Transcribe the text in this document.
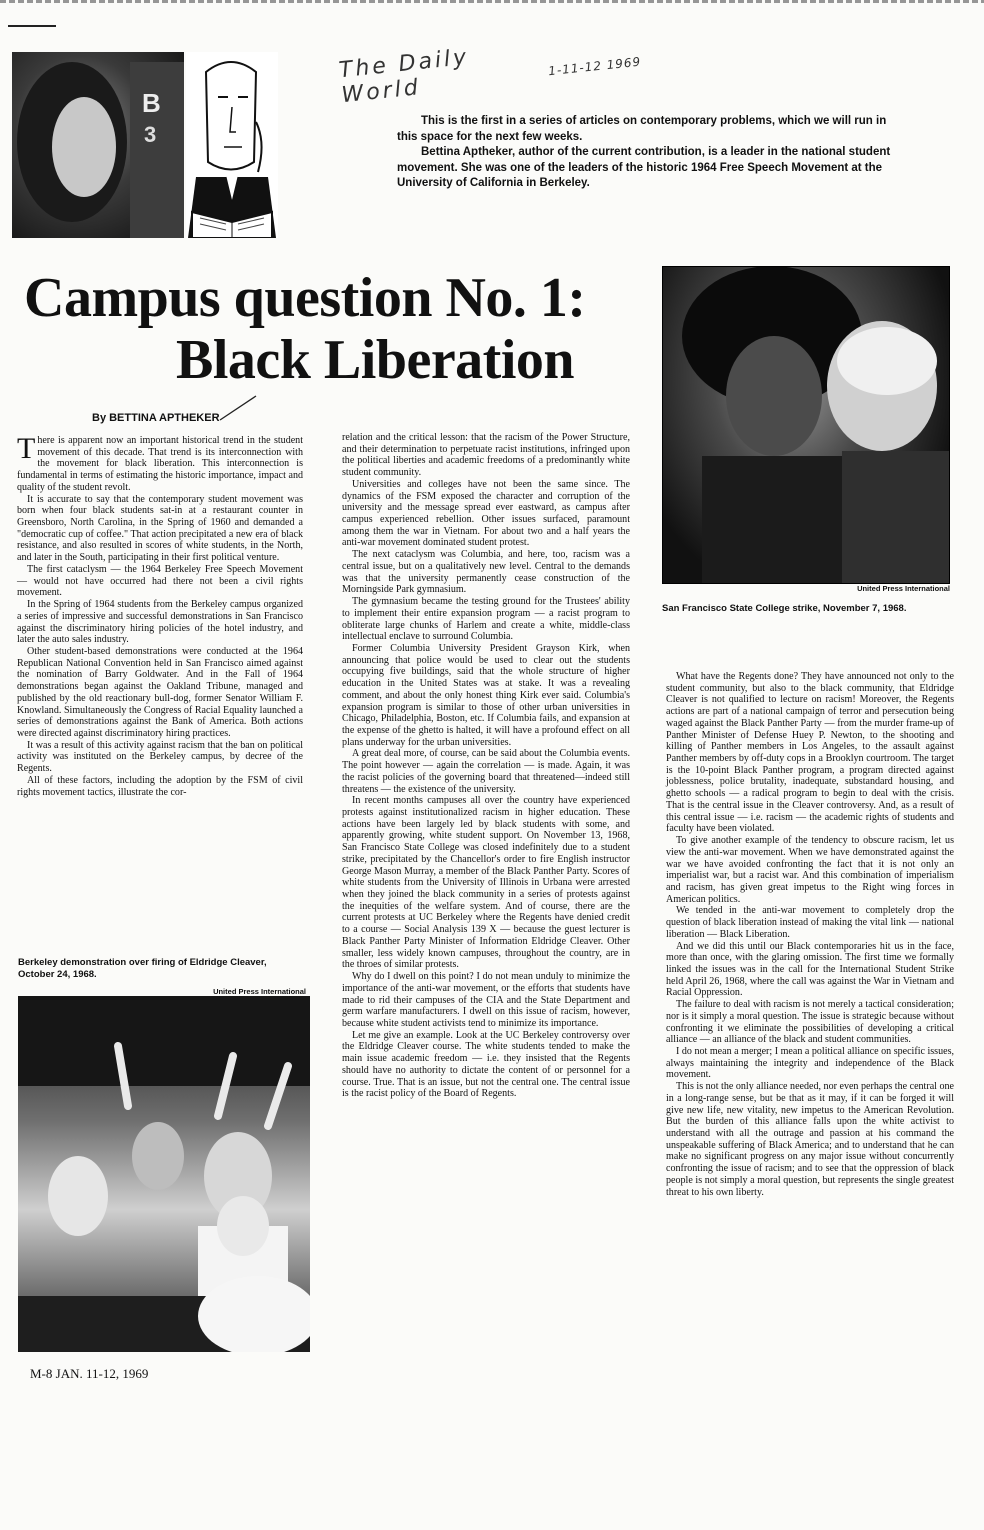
B
3
The Daily World
1-11-12 1969

This is the first in a series of articles on contemporary problems, which we will run in this space for the next few weeks.

Bettina Aptheker, author of the current contribution, is a leader in the national student movement. She was one of the leaders of the historic 1964 Free Speech Movement at the University of California in Berkeley.

Campus question No. 1:
Black Liberation
By BETTINA APTHEKER
United Press International
San Francisco State College strike, November 7, 1968.

There is apparent now an important historical trend in the student movement of this decade. That trend is its interconnection with the movement for black liberation. This interconnection is fundamental in terms of estimating the historic importance, impact and quality of the student revolt.

It is accurate to say that the contemporary student movement was born when four black students sat-in at a restaurant counter in Greensboro, North Carolina, in the Spring of 1960 and demanded a "democratic cup of coffee." That action precipitated a new era of black resistance, and also resulted in scores of white students, in the North, and later in the South, participating in their first political venture.

The first cataclysm — the 1964 Berkeley Free Speech Movement — would not have occurred had there not been a civil rights movement.

In the Spring of 1964 students from the Berkeley campus organized a series of impressive and successful demonstrations in San Francisco against the discriminatory hiring policies of the hotel industry, and later the auto sales industry.

Other student-based demonstrations were conducted at the 1964 Republican National Convention held in San Francisco aimed against the nomination of Barry Goldwater. And in the Fall of 1964 demonstrations began against the Oakland Tribune, managed and published by the old reactionary bull-dog, former Senator William F. Knowland. Simultaneously the Congress of Racial Equality launched a series of demonstrations against the Bank of America. Both actions were directed against discriminatory hiring practices.

It was a result of this activity against racism that the ban on political activity was instituted on the Berkeley campus, by decree of the Regents.

All of these factors, including the adoption by the FSM of civil rights movement tactics, illustrate the cor-

Berkeley demonstration over firing of Eldridge Cleaver, October 24, 1968.
United Press International

relation and the critical lesson: that the racism of the Power Structure, and their determination to perpetuate racist institutions, infringed upon the political liberties and academic freedoms of a predominantly white student community.

Universities and colleges have not been the same since. The dynamics of the FSM exposed the character and corruption of the university and the message spread ever eastward, as campus after campus experienced rebellion. Other issues surfaced, paramount among them the war in Vietnam. For about two and a half years the anti-war movement dominated student protest.

The next cataclysm was Columbia, and here, too, racism was a central issue, but on a qualitatively new level. Central to the demands was that the university permanently cease construction of the Morningside Park gymnasium.

The gymnasium became the testing ground for the Trustees' ability to implement their entire expansion program — a racist program to obliterate large chunks of Harlem and create a white, middle-class intellectual enclave to surround Columbia.

Former Columbia University President Grayson Kirk, when announcing that police would be used to clear out the students occupying five buildings, said that the whole structure of higher education in the United States was at stake. It was a revealing comment, and about the only honest thing Kirk ever said. Columbia's expansion program is similar to those of other urban universities in Chicago, Philadelphia, Boston, etc. If Columbia fails, and expansion at the expense of the ghetto is halted, it will have a profound effect on all plans underway for the urban universities.

A great deal more, of course, can be said about the Columbia events. The point however — again the correlation — is made. Again, it was the racist policies of the governing board that threatened—indeed still threatens — the existence of the university.

In recent months campuses all over the country have experienced protests against institutionalized racism in higher education. These actions have been largely led by black students with some, and apparently growing, white student support. On November 13, 1968, San Francisco State College was closed indefinitely due to a student strike, precipitated by the Chancellor's order to fire English instructor George Mason Murray, a member of the Black Panther Party. Scores of white students from the University of Illinois in Urbana were arrested when they joined the black community in a series of protests against the inequities of the welfare system. And of course, there are the current protests at UC Berkeley where the Regents have denied credit to a course — Social Analysis 139 X — because the guest lecturer is Black Panther Party Minister of Information Eldridge Cleaver. Other smaller, less widely known campuses, throughout the country, are in the throes of similar protests.

Why do I dwell on this point? I do not mean unduly to minimize the importance of the anti-war movement, or the efforts that students have made to rid their campuses of the CIA and the State Department and germ warfare manufacturers. I dwell on this issue of racism, however, because white student activists tend to minimize its importance.

Let me give an example. Look at the UC Berkeley controversy over the Eldridge Cleaver course. The white students tended to make the main issue academic freedom — i.e. they insisted that the Regents should have no authority to dictate the content of or personnel for a course. True. That is an issue, but not the central one. The central issue is the racist policy of the Board of Regents.

What have the Regents done? They have announced not only to the student community, but also to the black community, that Eldridge Cleaver is not qualified to lecture on racism! Moreover, the Regents actions are part of a national campaign of terror and persecution being waged against the Black Panther Party — from the murder frame-up of Panther Minister of Defense Huey P. Newton, to the shooting and killing of Panther members in Los Angeles, to the assault against Panther members by off-duty cops in a Brooklyn courtroom. The target is the 10-point Black Panther program, a program directed against joblessness, police brutality, inadequate, substandard housing, and ghetto schools — a radical program to begin to deal with the crisis. That is the central issue in the Cleaver controversy. And, as a result of this central issue — i.e. racism — the academic rights of students and faculty have been violated.

To give another example of the tendency to obscure racism, let us view the anti-war movement. When we have demonstrated against the war we have avoided confronting the fact that it is not only an imperialist war, but a racist war. And this combination of imperialism and racism, has given great impetus to the Right wing forces in American politics.

We tended in the anti-war movement to completely drop the question of black liberation instead of making the vital link — national liberation — Black Liberation.

And we did this until our Black contemporaries hit us in the face, more than once, with the glaring omission. The first time we formally linked the issues was in the call for the International Student Strike held April 26, 1968, where the call was against the War in Vietnam and Racial Oppression.

The failure to deal with racism is not merely a tactical consideration; nor is it simply a moral question. The issue is strategic because without confronting it we eliminate the possibilities of developing a critical alliance — an alliance of the black and student communities.

I do not mean a merger; I mean a political alliance on specific issues, always maintaining the integrity and independence of the Black movement.

This is not the only alliance needed, nor even perhaps the central one in a long-range sense, but be that as it may, if it can be forged it will give new life, new vitality, new impetus to the American Revolution. But the burden of this alliance falls upon the white activist to understand with all the outrage and passion at his command the unspeakable suffering of Black America; and to understand that he can make no significant progress on any major issue without concurrently confronting the issue of racism; and to see that the oppression of black people is not simply a moral question, but represents the single greatest threat to his own liberty.

M-8 JAN. 11-12, 1969
